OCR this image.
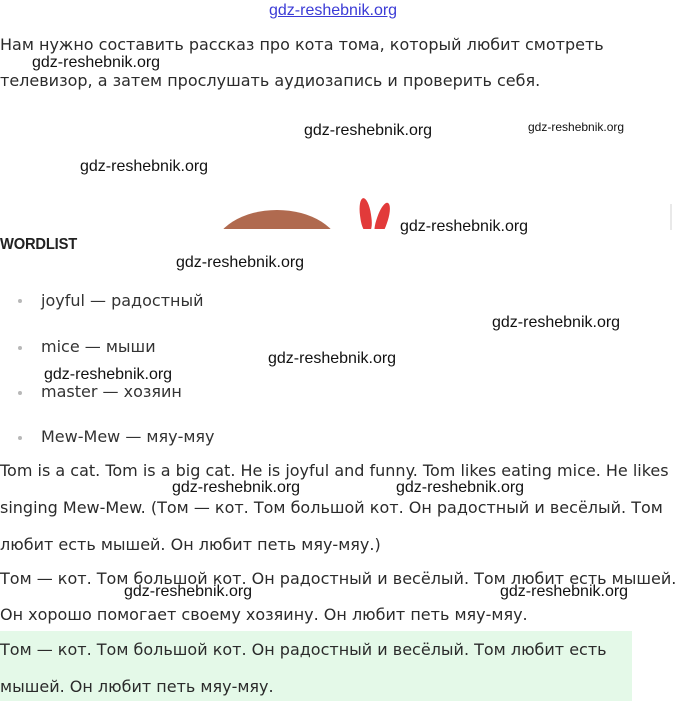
gdz-reshebnik.org
Нам нужно составить рассказ про кота тома, который любит смотреть
телевизор, а затем прослушать аудиозапись и проверить себя.
gdz-reshebnik.org
gdz-reshebnik.org	gdz-reshebnik.org
gdz-reshebnik.org
gdz-reshebnik.org
gdz-reshebnik.org
gdz-reshebnik.org
gdz-reshebnik.org
gdz-reshebnik.org
WORDLIST
joyful — радостный
mice — мыши
master — хозяин
Mew-Mew — мяу-мяу
Tom is a cat. Tom is a big cat. He is joyful and funny. Tom likes eating mice. He likes
singing Mew-Mew. (Том — кот. Том большой кот. Он радостный и весёлый. Том
любит есть мышей. Он любит петь мяу-мяу.)
gdz-reshebnik.org	gdz-reshebnik.org
Том — кот. Том большой кот. Он радостный и весёлый. Том любит есть мышей.
Он хорошо помогает своему хозяину. Он любит петь мяу-мяу.
gdz-reshebnik.org	gdz-reshebnik.org
Том — кот. Том большой кот. Он радостный и весёлый. Том любит есть
мышей. Он любит петь мяу-мяу.
